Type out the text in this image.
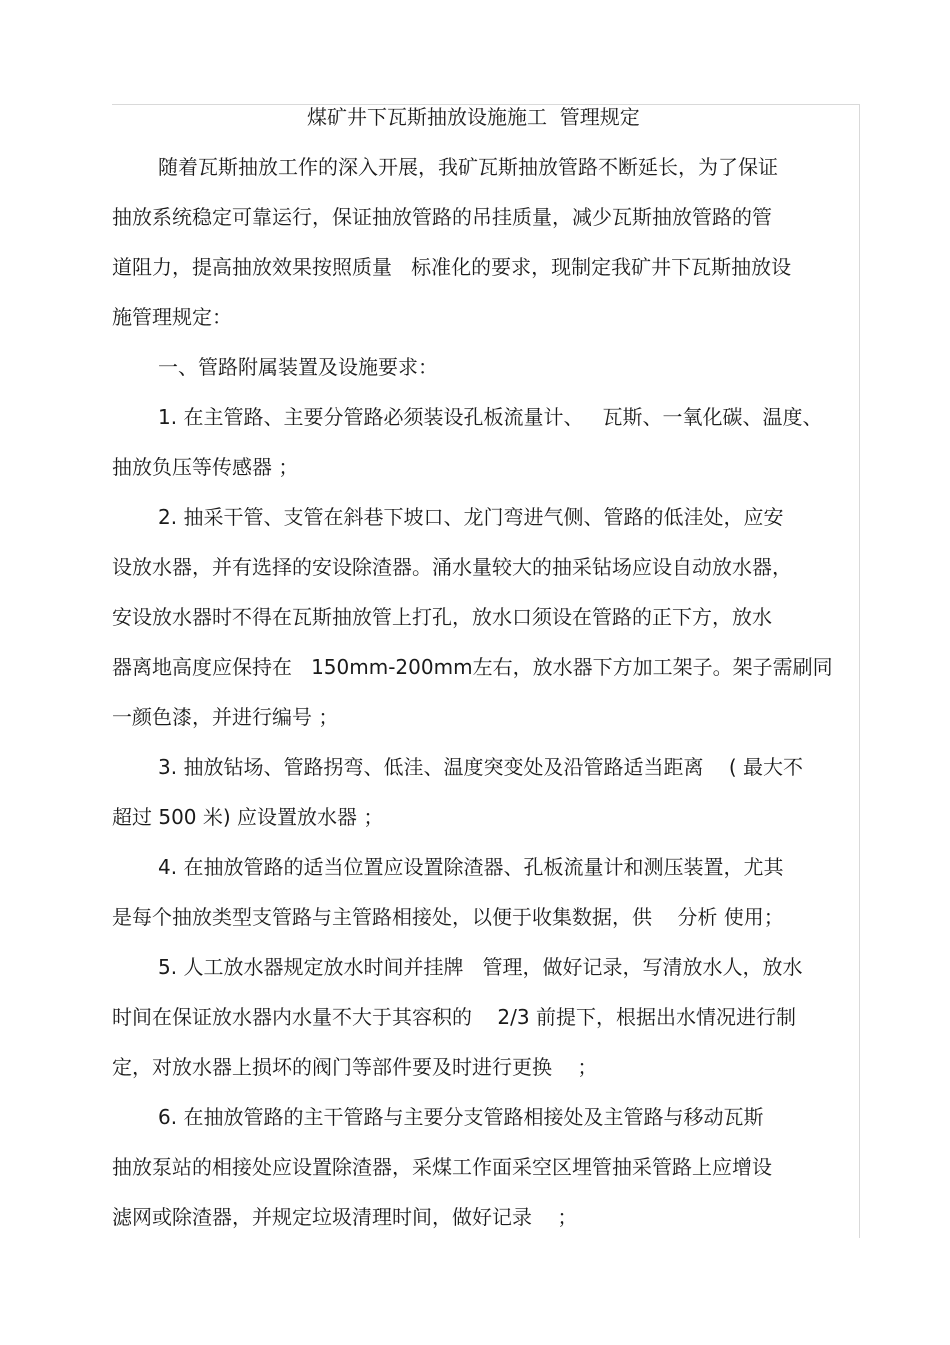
煤矿井下瓦斯抽放设施施工  管理规定
随着瓦斯抽放工作的深入开展，我矿瓦斯抽放管路不断延长，为了保证
抽放系统稳定可靠运行，保证抽放管路的吊挂质量，减少瓦斯抽放管路的管
道阻力，提高抽放效果按照质量   标准化的要求，现制定我矿井下瓦斯抽放设
施管理规定：
一、管路附属装置及设施要求：
1. 在主管路、主要分管路必须装设孔板流量计、   瓦斯、一氧化碳、温度、
抽放负压等传感器 ；
2. 抽采干管、支管在斜巷下坡口、龙门弯进气侧、管路的低洼处，应安
设放水器，并有选择的安设除渣器。涌水量较大的抽采钻场应设自动放水器，
安设放水器时不得在瓦斯抽放管上打孔，放水口须设在管路的正下方，放水
器离地高度应保持在   150mm-200mm左右，放水器下方加工架子。架子需刷同
一颜色漆，并进行编号 ；
3. 抽放钻场、管路拐弯、低洼、温度突变处及沿管路适当距离    ( 最大不
超过 500 米) 应设置放水器 ；
4. 在抽放管路的适当位置应设置除渣器、孔板流量计和测压装置，尤其
是每个抽放类型支管路与主管路相接处，以便于收集数据，供    分析 使用；
5. 人工放水器规定放水时间并挂牌   管理，做好记录，写清放水人，放水
时间在保证放水器内水量不大于其容积的    2/3 前提下，根据出水情况进行制
定，对放水器上损坏的阀门等部件要及时进行更换    ；
6. 在抽放管路的主干管路与主要分支管路相接处及主管路与移动瓦斯
抽放泵站的相接处应设置除渣器，采煤工作面采空区埋管抽采管路上应增设
滤网或除渣器，并规定垃圾清理时间，做好记录    ；
